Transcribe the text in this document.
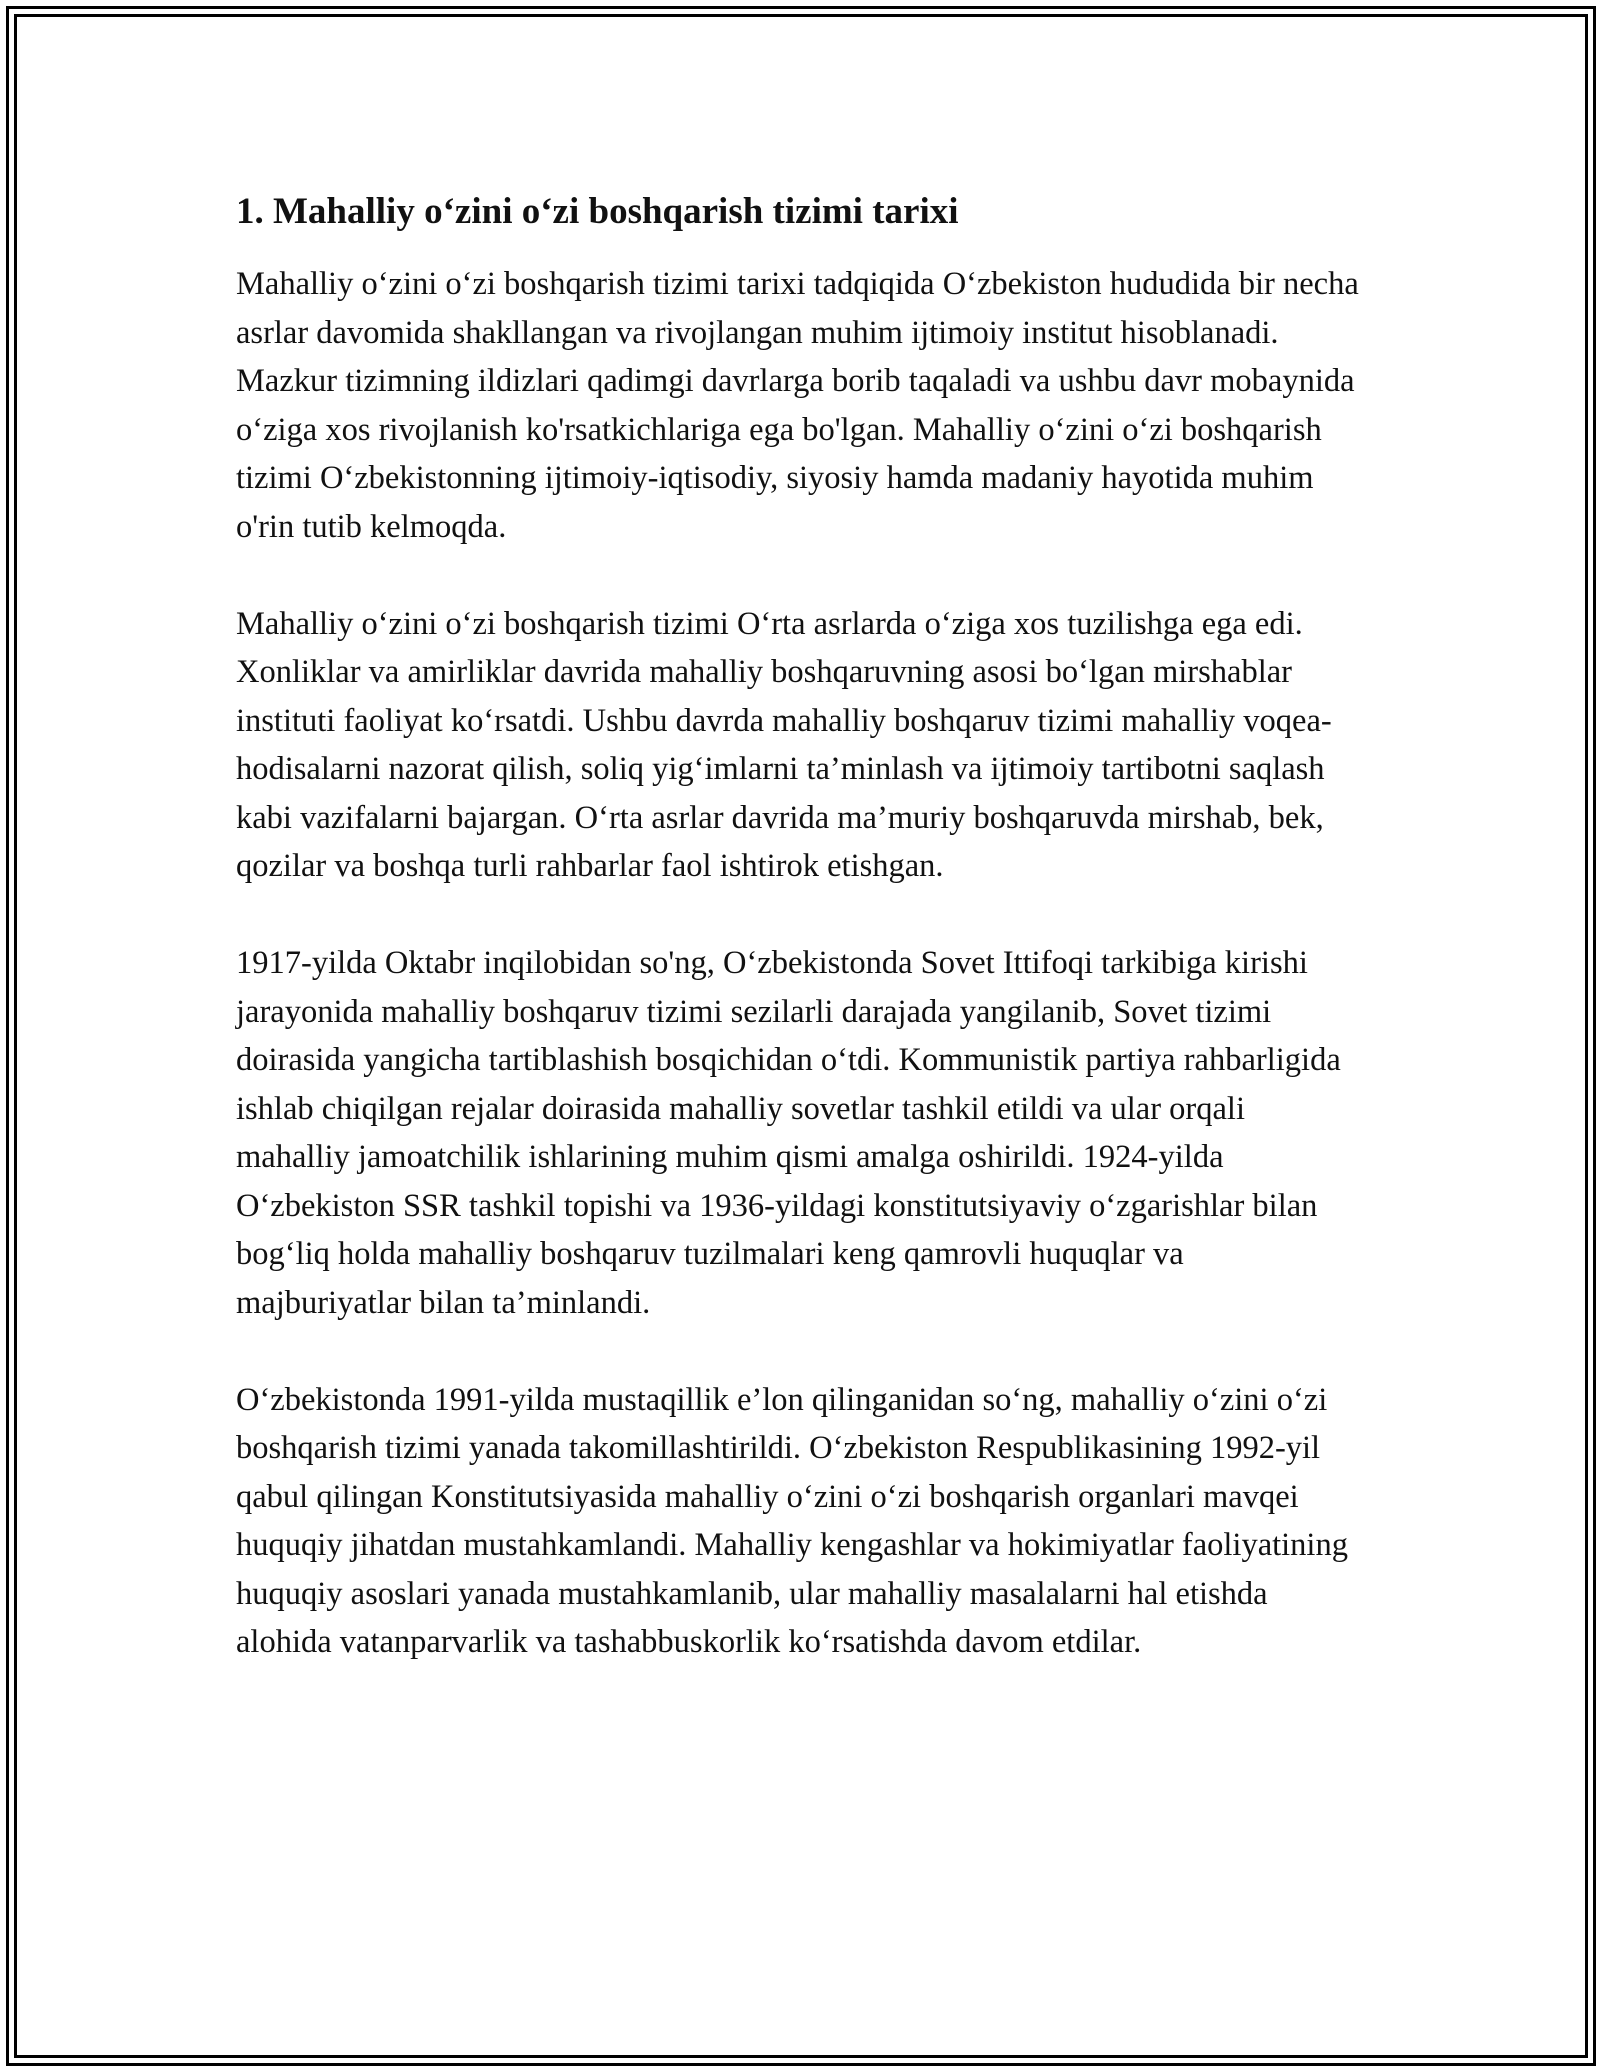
1. Mahalliy o‘zini o‘zi boshqarish tizimi tarixi

Mahalliy o‘zini o‘zi boshqarish tizimi tarixi tadqiqida O‘zbekiston hududida bir necha asrlar davomida shakllangan va rivojlangan muhim ijtimoiy institut hisoblanadi. Mazkur tizimning ildizlari qadimgi davrlarga borib taqaladi va ushbu davr mobaynida o‘ziga xos rivojlanish ko'rsatkichlariga ega bo'lgan. Mahalliy o‘zini o‘zi boshqarish tizimi O‘zbekistonning ijtimoiy-iqtisodiy, siyosiy hamda madaniy hayotida muhim o'rin tutib kelmoqda.

Mahalliy o‘zini o‘zi boshqarish tizimi O‘rta asrlarda o‘ziga xos tuzilishga ega edi. Xonliklar va amirliklar davrida mahalliy boshqaruvning asosi bo‘lgan mirshablar instituti faoliyat ko‘rsatdi. Ushbu davrda mahalliy boshqaruv tizimi mahalliy voqea-hodisalarni nazorat qilish, soliq yig‘imlarni ta’minlash va ijtimoiy tartibotni saqlash kabi vazifalarni bajargan. O‘rta asrlar davrida ma’muriy boshqaruvda mirshab, bek, qozilar va boshqa turli rahbarlar faol ishtirok etishgan.

1917-yilda Oktabr inqilobidan so'ng, O‘zbekistonda Sovet Ittifoqi tarkibiga kirishi jarayonida mahalliy boshqaruv tizimi sezilarli darajada yangilanib, Sovet tizimi doirasida yangicha tartiblashish bosqichidan o‘tdi. Kommunistik partiya rahbarligida ishlab chiqilgan rejalar doirasida mahalliy sovetlar tashkil etildi va ular orqali mahalliy jamoatchilik ishlarining muhim qismi amalga oshirildi. 1924-yilda O‘zbekiston SSR tashkil topishi va 1936-yildagi konstitutsiyaviy o‘zgarishlar bilan bog‘liq holda mahalliy boshqaruv tuzilmalari keng qamrovli huquqlar va majburiyatlar bilan ta’minlandi.

O‘zbekistonda 1991-yilda mustaqillik e’lon qilinganidan so‘ng, mahalliy o‘zini o‘zi boshqarish tizimi yanada takomillashtirildi. O‘zbekiston Respublikasining 1992-yil qabul qilingan Konstitutsiyasida mahalliy o‘zini o‘zi boshqarish organlari mavqei huquqiy jihatdan mustahkamlandi. Mahalliy kengashlar va hokimiyatlar faoliyatining huquqiy asoslari yanada mustahkamlanib, ular mahalliy masalalarni hal etishda alohida vatanparvarlik va tashabbuskorlik ko‘rsatishda davom etdilar.
